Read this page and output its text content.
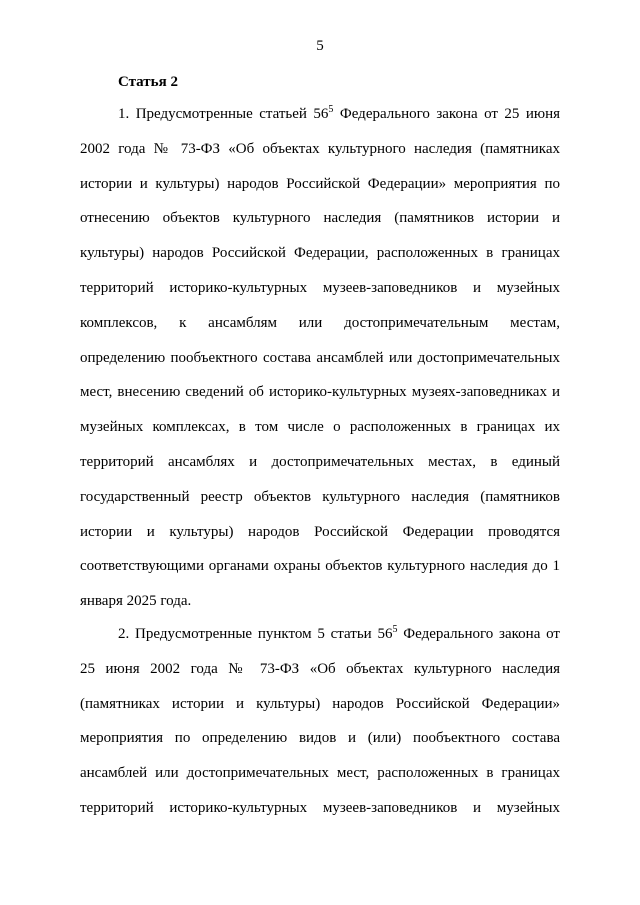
5
Статья 2
1. Предусмотренные статьей $56^5$ Федерального закона от 25 июня
2002 года № 73-ФЗ «Об объектах культурного наследия (памятниках
истории и культуры) народов Российской Федерации» мероприятия по
отнесению объектов культурного наследия (памятников истории и
культуры) народов Российской Федерации, расположенных в границах
территорий историко-культурных музеев-заповедников и музейных
комплексов, к ансамблям или достопримечательным местам,
определению пообъектного состава ансамблей или достопримечательных
мест, внесению сведений об историко-культурных музеях-заповедниках и
музейных комплексах, в том числе о расположенных в границах их
территорий ансамблях и достопримечательных местах, в единый
государственный реестр объектов культурного наследия (памятников
истории и культуры) народов Российской Федерации проводятся
соответствующими органами охраны объектов культурного наследия до 1
января 2025 года.
2. Предусмотренные пунктом 5 статьи $56^5$ Федерального закона от
25 июня 2002 года № 73-ФЗ «Об объектах культурного наследия
(памятниках истории и культуры) народов Российской Федерации»
мероприятия по определению видов и (или) пообъектного состава
ансамблей или достопримечательных мест, расположенных в границах
территорий историко-культурных музеев-заповедников и музейных
